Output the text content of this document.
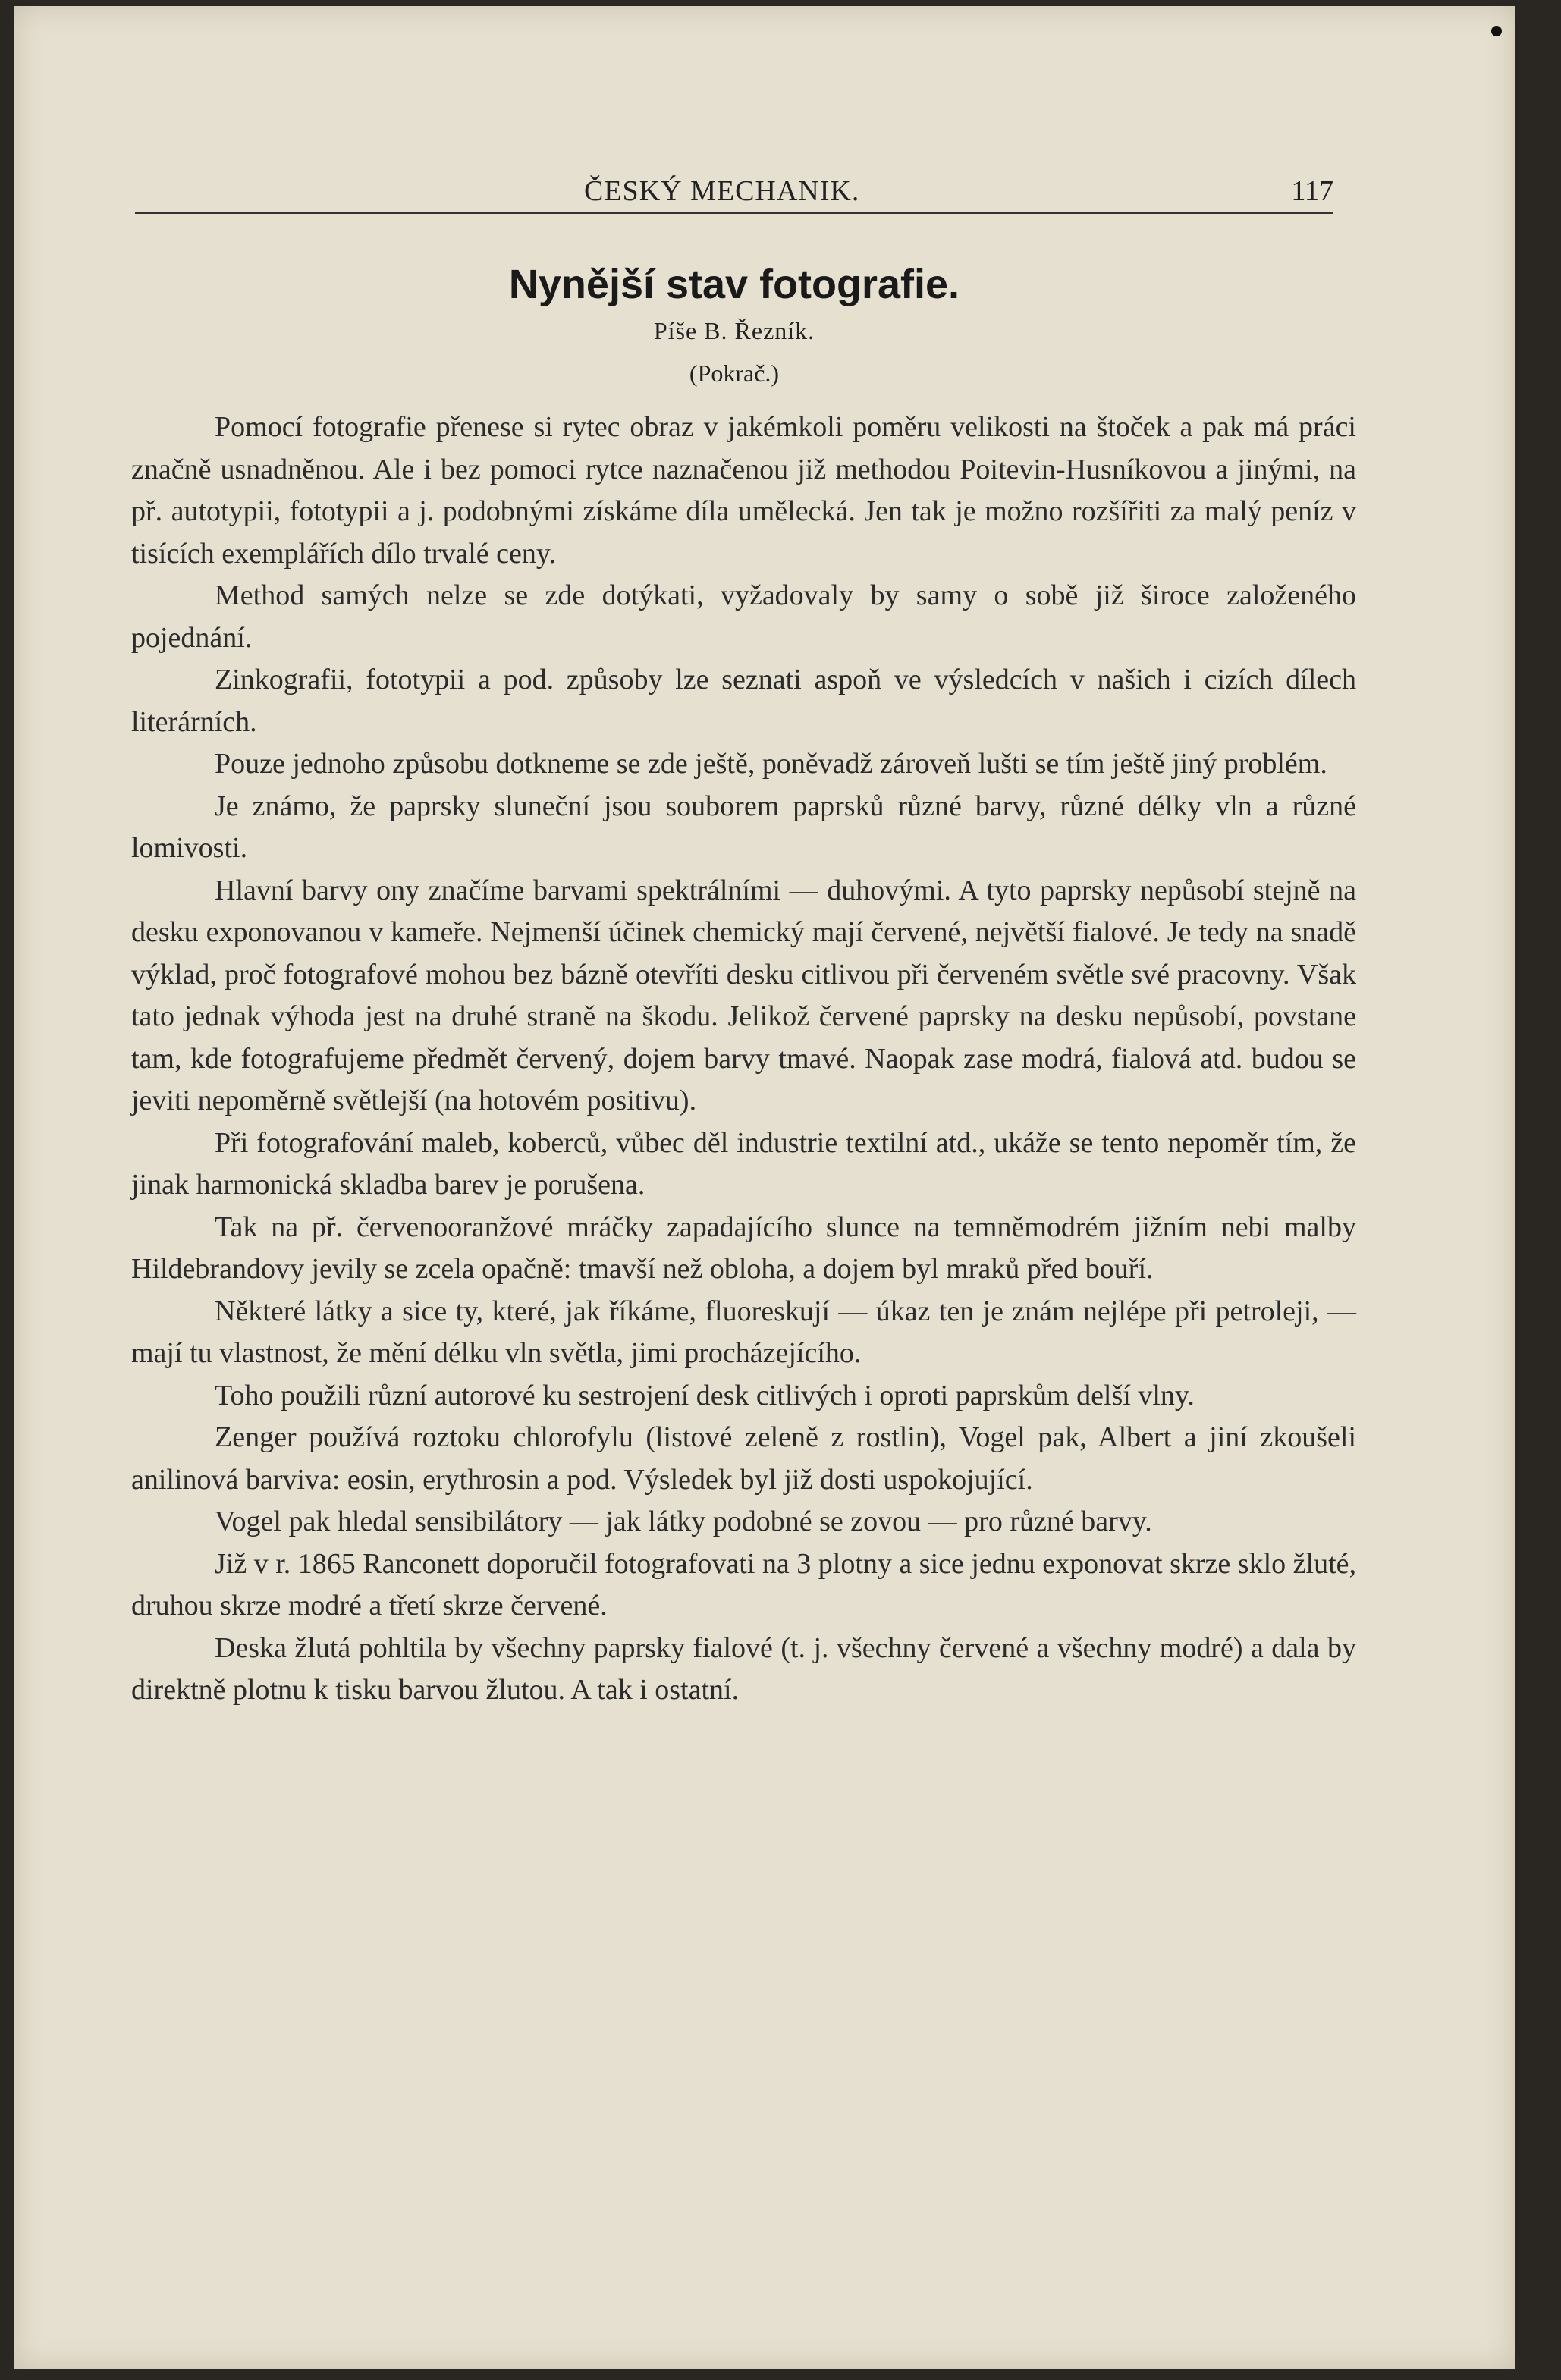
ČESKÝ MECHANIK.	117
Nynější stav fotografie.
Píše B. Řezník.
(Pokrač.)

Pomocí fotografie přenese si rytec obraz v jakémkoli poměru velikosti na štoček a pak má práci značně usnadněnou. Ale i bez pomoci rytce naznačenou již methodou Poitevin-Husníkovou a jinými, na př. autotypii, fototypii a j. podobnými získáme díla umělecká. Jen tak je možno rozšířiti za malý peníz v tisících exemplářích dílo trvalé ceny.

Method samých nelze se zde dotýkati, vyžadovaly by samy o sobě již široce založeného pojednání.

Zinkografii, fototypii a pod. způsoby lze seznati aspoň ve výsledcích v našich i cizích dílech literárních.

Pouze jednoho způsobu dotkneme se zde ještě, poněvadž zároveň lušti se tím ještě jiný problém.

Je známo, že paprsky sluneční jsou souborem paprsků různé barvy, různé délky vln a různé lomivosti.

Hlavní barvy ony značíme barvami spektrálními — duhovými. A tyto paprsky nepůsobí stejně na desku exponovanou v kameře. Nejmenší účinek chemický mají červené, největší fialové. Je tedy na snadě výklad, proč fotografové mohou bez bázně otevříti desku citlivou při červeném světle své pracovny. Však tato jednak výhoda jest na druhé straně na škodu. Jelikož červené paprsky na desku nepůsobí, povstane tam, kde fotografujeme předmět červený, dojem barvy tmavé. Naopak zase modrá, fialová atd. budou se jeviti nepoměrně světlejší (na hotovém positivu).

Při fotografování maleb, koberců, vůbec děl industrie textilní atd., ukáže se tento nepoměr tím, že jinak harmonická skladba barev je porušena.

Tak na př. červenooranžové mráčky zapadajícího slunce na temněmodrém jižním nebi malby Hildebrandovy jevily se zcela opačně: tmavší než obloha, a dojem byl mraků před bouří.

Některé látky a sice ty, které, jak říkáme, fluoreskují — úkaz ten je znám nejlépe při petroleji, — mají tu vlastnost, že mění délku vln světla, jimi procházejícího.

Toho použili různí autorové ku sestrojení desk citlivých i oproti paprskům delší vlny.

Zenger používá roztoku chlorofylu (listové zeleně z rostlin), Vogel pak, Albert a jiní zkoušeli anilinová barviva: eosin, erythrosin a pod. Výsledek byl již dosti uspokojující.

Vogel pak hledal sensibilátory — jak látky podobné se zovou — pro různé barvy.

Již v r. 1865 Ranconett doporučil fotografovati na 3 plotny a sice jednu exponovat skrze sklo žluté, druhou skrze modré a třetí skrze červené.

Deska žlutá pohltila by všechny paprsky fialové (t. j. všechny červené a všechny modré) a dala by direktně plotnu k tisku barvou žlutou. A tak i ostatní.
